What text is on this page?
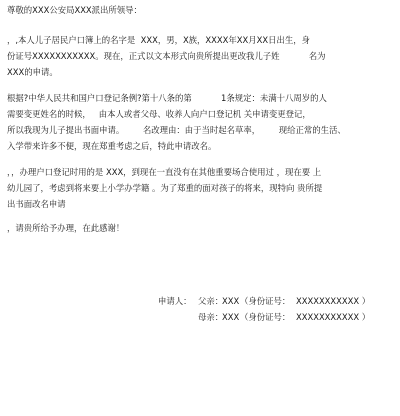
尊敬的XXX公安局XXX派出所领导：
，,本人儿子居民户口簿上的名字是  XXX，男，X族，XXXX年XX月XX日出生，身
份证号XXXXXXXXXXX。现在，正式以文本形式向贵所提出更改我儿子姓           名为
XXX的申请。
根据?中华人民共和国户口登记条例?第十八条的第           1条规定：未满十八周岁的人
需要变更姓名的时候，   由本人或者父母、收养人向户口登记机 关申请变更登记，
所以我现为儿子提出书面申请。       名改理由：由于当时起名草率，       现给正常的生活、
入学带来许多不便，现在郑重考虑之后，特此申请改名。
，，办理户口登记时用的是 XXX，到现在一直没有在其他重要场合使用过 ，现在要 上
幼儿园了，考虑到将来要上小学办学籍 。为了郑重的面对孩子的将来，现特向 贵所提
出书面改名申请
，请贵所给予办理，在此感谢！
申请人： 父亲：
XXX （身份证号： XXXXXXXXXXX ）
母亲：
XXX （身份证号： XXXXXXXXXXX ）
